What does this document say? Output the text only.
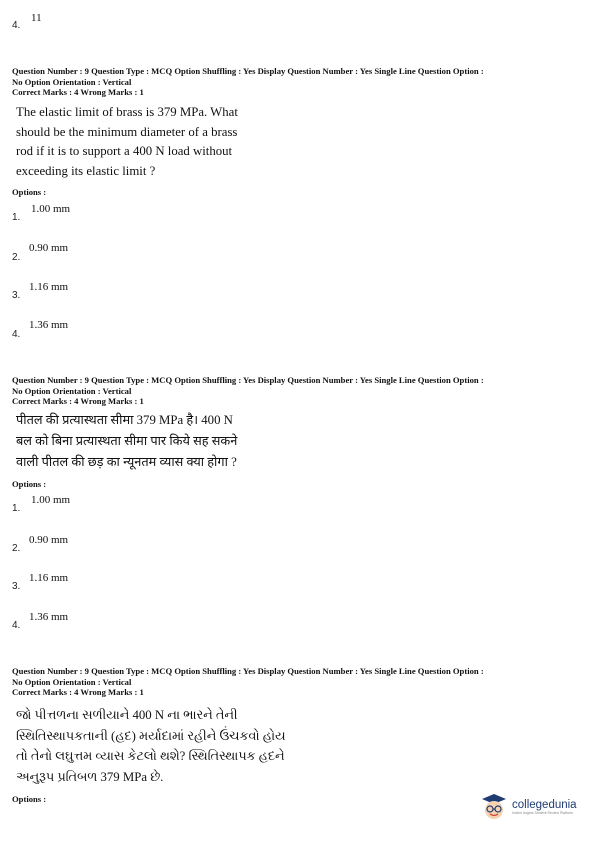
4.
11
Question Number : 9 Question Type : MCQ Option Shuffling : Yes Display Question Number : Yes Single Line Question Option :
No Option Orientation : Vertical
Correct Marks : 4 Wrong Marks : 1
The elastic limit of brass is 379 MPa. What
should be the minimum diameter of a brass
rod if it is to support a 400 N load without
exceeding its elastic limit ?
Options :
1.
1.00 mm
2.
0.90 mm
3.
1.16 mm
4.
1.36 mm
Question Number : 9 Question Type : MCQ Option Shuffling : Yes Display Question Number : Yes Single Line Question Option :
No Option Orientation : Vertical
Correct Marks : 4 Wrong Marks : 1
पीतल की प्रत्यास्थता सीमा 379 MPa है। 400 N
बल को बिना प्रत्यास्थता सीमा पार किये सह सकने
वाली पीतल की छड़ का न्यूनतम व्यास क्या होगा ?
Options :
1.
1.00 mm
2.
0.90 mm
3.
1.16 mm
4.
1.36 mm
Question Number : 9 Question Type : MCQ Option Shuffling : Yes Display Question Number : Yes Single Line Question Option :
No Option Orientation : Vertical
Correct Marks : 4 Wrong Marks : 1
જો પીત્તળના સળીયાને 400 N ના ભારને તેની
સ્થિતિસ્થાપકતાની (હદ) મર્યાદામાં રહીને ઉંચકવો હોય
તો તેનો લઘુત્તમ વ્યાસ કેટલો થશે? સ્થિતિસ્થાપક હદને
અનુરૂપ પ્રતિબળ 379 MPa છે.
Options :	collegedunia
India's largest Student Review Platform
